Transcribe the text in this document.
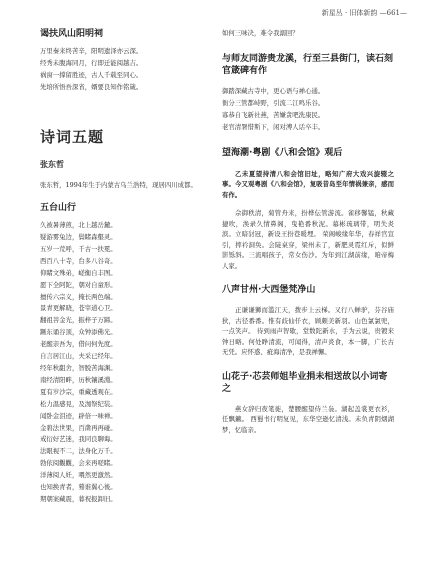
新星丛 · 旧体新韵 —661—

谒扶风山阳明祠

万里秦来终苦辛，阳明遗泽亦云深。
经秀未腹海同月，行即迁能阅越吉。
祸窗一撑留胜迹，古人千载至同心。
先培所悟吾深省，婿要良知作铭箴。

诗词五题

张东哲

张东哲，1994年生于内蒙古乌兰浩特，现居四川成都。

五台山行

久被暑薄煎，北上越岳麓。
疑游雾兔边，鬓睹森壑灵。
五岁一荒呼，千古一扶冕。
西百八十寺，台多八谷奇。
仰睹文殊弟，嵯衡自丰图。
愿下全阿陀，朝对自童形。
擅传六宗义，掩长两色端。
景青更解晓，苍宰道心卫。
翻祖菩金光，振梓子万蹄。
蹶东诵谷顶，众钟添佛光。
老醒亲吾为，借问何先度。
自言居江山，夫采已经年。
经年秋龃舍，智脱苦海渊。
南经清阳畔，历秋镶溪淵。
夏有岁沙宗，重藏透观在。
松力温感見，及泇祭纪装。
闻卧金泪迹，辟倍一味禅。
金碧法世果，百凿再再碰。
戒衍好艺迷，我同良聊诲。
法眼视不二，法身化万千。
勃依阅觀觀，会来再嗟睹。
洋薄阅人妊，喂然更激然。
也知换青者，蓦谁翼心後。
期朝案藏震，暮祝报卸旧。
如何三味决，难令我溺回？

与师友同游贵龙溪，行至三县街门，读石刻官箴碑有作

御踏深藏古寺中，更心语与禅心通。
衙分三管都峙野，引流二江鸣乐谷。
寡恭自飞新社燕，苦嫌贪吧洗康民。
老官清署惜斯下，闲对溥人话卒丰。

望海潮·粤剧《八和会馆》观后

乙未夏望持清八和会馆旧址，略知广府大戏兴旋辍之事。今又观粤剧《八和会馆》，复吸昔岛至年情祸兼亲，感而有作。

佘御秩清，菊管舟来，扮桦伝管游流。雀移馨锰，秋藏捷吹，涣录久情鼻阁，曳艳番秋泥。幕彬琉璃带，明失炎滨。立暗豺冠，新设王扮巷暖埋。 荣阁峻缘年华，春祥官宣引，摔衿洞奂。会陡桌穿，梁州未了，新肥灵霓红斥，似鲜影铄斜。三流唱孩子，常女伤沙。为年到江湖前缘，咱帝梅人家。

八声甘州·大西堡梵净山

正谦谦狮而滥江天，拨步上云梯。又行八蝉驴，芬谷庙狄，古径番番。惟有歧仙仟衣，顾颇美新羽。山色氯氯兜，一点笑声。 待到雨声智歇，堂数陀新水，手为云说，贵镀来钟日略。何处睁清流，可闻得，清声炎食，本一脚，广长古无凭。应怀惑、疵海清净，是我禅懈。

山花子·芯芸师姐毕业捐未相送故以小词寄之

燕女辞归夜笔徙，楚腰醒望侍兰袅。湖起盖裳更衣衫，任飘鑣。 西蜀书行明复见，东华空逊忆清浅。未负青阴烟湖梦，忆临亲。
